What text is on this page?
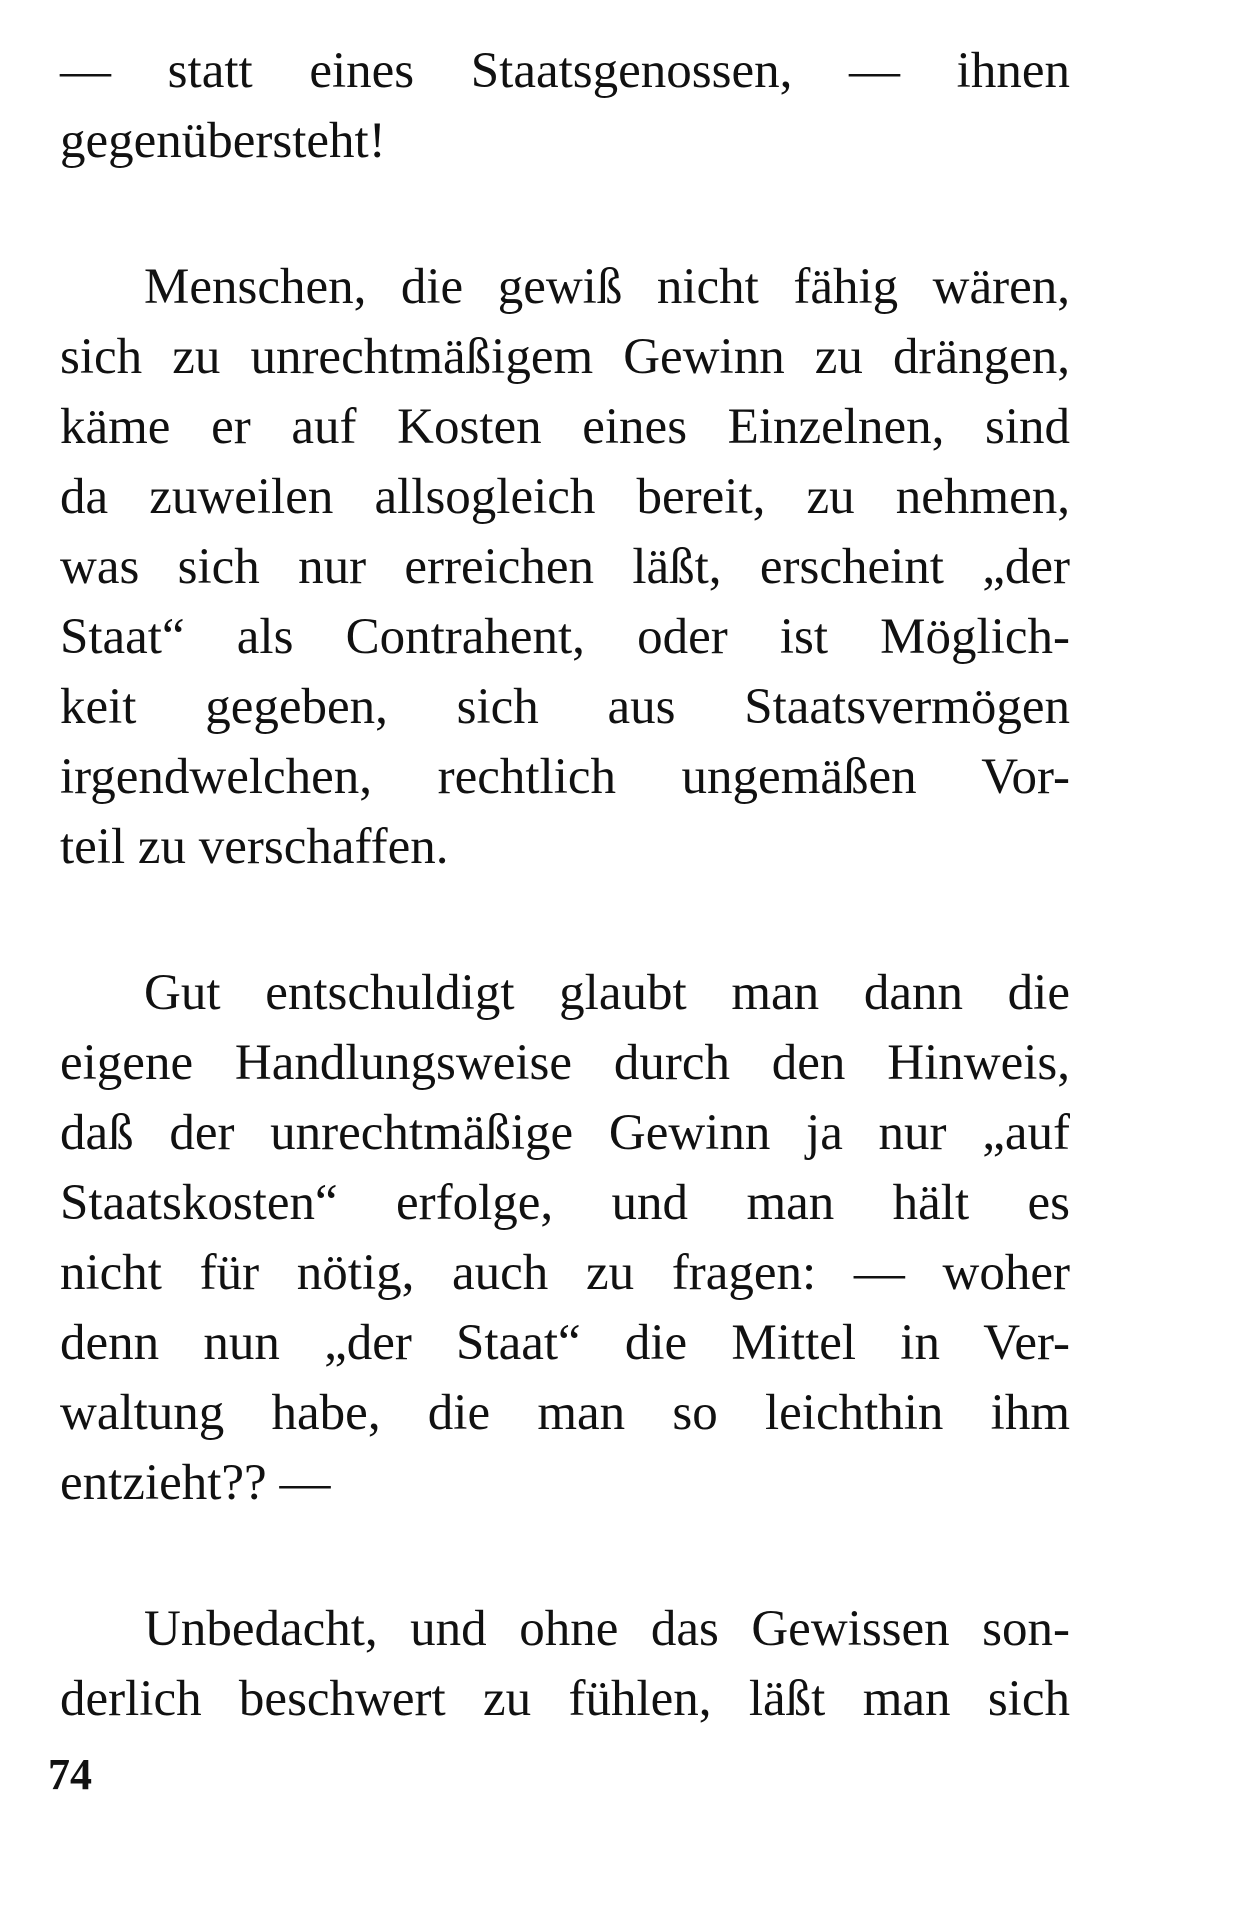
— statt eines Staatsgenossen, — ihnen
gegenübersteht!
Menschen, die gewiß nicht fähig wären,
sich zu unrechtmäßigem Gewinn zu drängen,
käme er auf Kosten eines Einzelnen, sind
da zuweilen allsogleich bereit, zu nehmen,
was sich nur erreichen läßt, erscheint „der
Staat“ als Contrahent, oder ist Möglich-
keit gegeben, sich aus Staatsvermögen
irgendwelchen, rechtlich ungemäßen Vor-
teil zu verschaffen.
Gut entschuldigt glaubt man dann die
eigene Handlungsweise durch den Hinweis,
daß der unrechtmäßige Gewinn ja nur „auf
Staatskosten“ erfolge, und man hält es
nicht für nötig, auch zu fragen: — woher
denn nun „der Staat“ die Mittel in Ver-
waltung habe, die man so leichthin ihm
entzieht?? —
Unbedacht, und ohne das Gewissen son-
derlich beschwert zu fühlen, läßt man sich
74
